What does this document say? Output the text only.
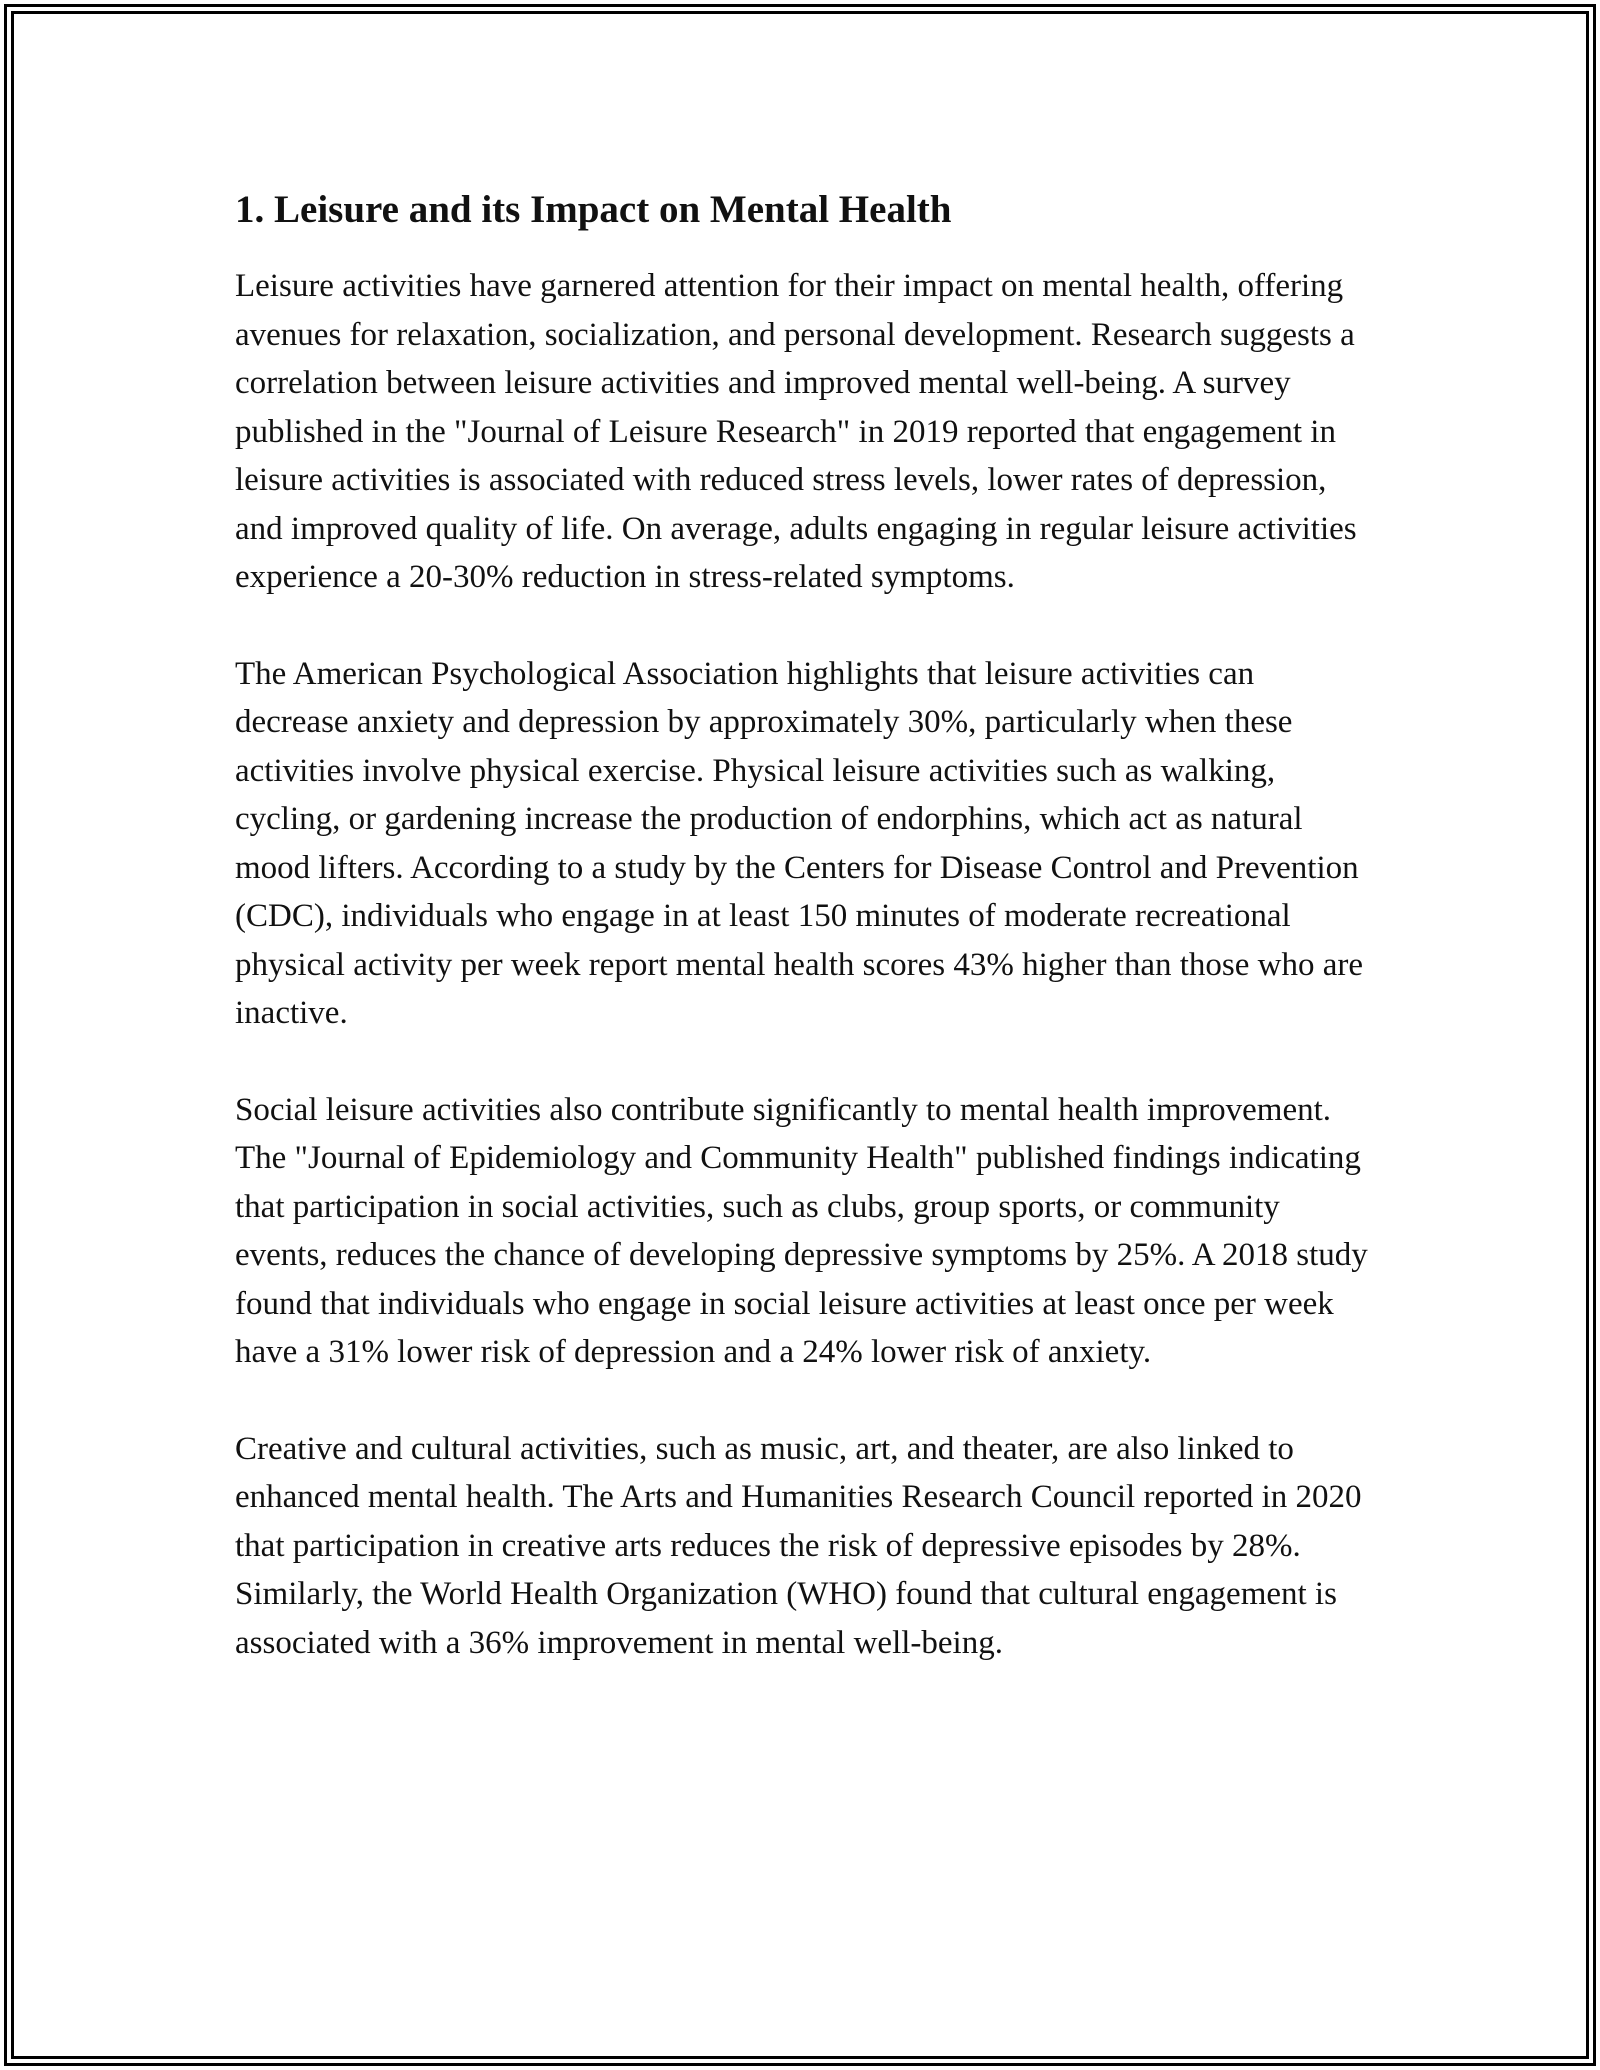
1. Leisure and its Impact on Mental Health

Leisure activities have garnered attention for their impact on mental health, offering avenues for relaxation, socialization, and personal development. Research suggests a correlation between leisure activities and improved mental well-being. A survey published in the "Journal of Leisure Research" in 2019 reported that engagement in leisure activities is associated with reduced stress levels, lower rates of depression, and improved quality of life. On average, adults engaging in regular leisure activities experience a 20-30% reduction in stress-related symptoms.

The American Psychological Association highlights that leisure activities can decrease anxiety and depression by approximately 30%, particularly when these activities involve physical exercise. Physical leisure activities such as walking, cycling, or gardening increase the production of endorphins, which act as natural mood lifters. According to a study by the Centers for Disease Control and Prevention (CDC), individuals who engage in at least 150 minutes of moderate recreational physical activity per week report mental health scores 43% higher than those who are inactive.

Social leisure activities also contribute significantly to mental health improvement. The "Journal of Epidemiology and Community Health" published findings indicating that participation in social activities, such as clubs, group sports, or community events, reduces the chance of developing depressive symptoms by 25%. A 2018 study found that individuals who engage in social leisure activities at least once per week have a 31% lower risk of depression and a 24% lower risk of anxiety.

Creative and cultural activities, such as music, art, and theater, are also linked to enhanced mental health. The Arts and Humanities Research Council reported in 2020 that participation in creative arts reduces the risk of depressive episodes by 28%. Similarly, the World Health Organization (WHO) found that cultural engagement is associated with a 36% improvement in mental well-being.
